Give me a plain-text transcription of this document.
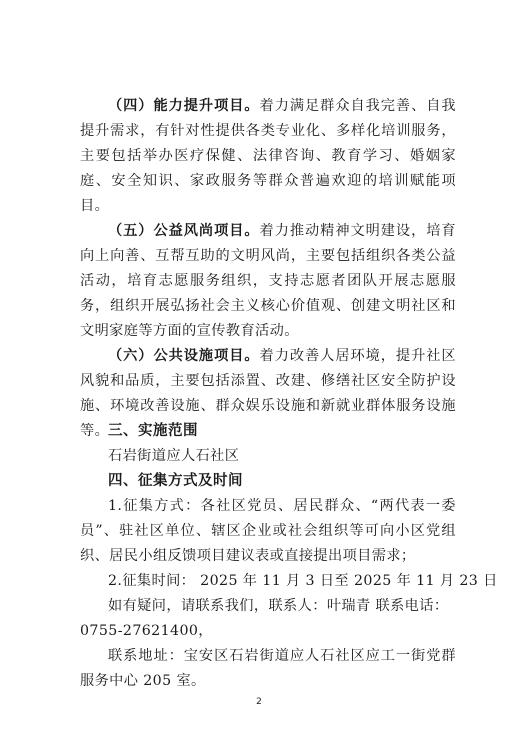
（四）能力提升项目。着力满足群众自我完善、自我提升需求，有针对性提供各类专业化、多样化培训服务，主要包括举办医疗保健、法律咨询、教育学习、婚姻家庭、安全知识、家政服务等群众普遍欢迎的培训赋能项目。

（五）公益风尚项目。着力推动精神文明建设，培育向上向善、互帮互助的文明风尚，主要包括组织各类公益活动，培育志愿服务组织，支持志愿者团队开展志愿服务，组织开展弘扬社会主义核心价值观、创建文明社区和文明家庭等方面的宣传教育活动。

（六）公共设施项目。着力改善人居环境，提升社区风貌和品质，主要包括添置、改建、修缮社区安全防护设施、环境改善设施、群众娱乐设施和新就业群体服务设施等。

三、实施范围

石岩街道应人石社区

四、征集方式及时间

1.征集方式：各社区党员、居民群众、“两代表一委员”、驻社区单位、辖区企业或社会组织等可向小区党组织、居民小组反馈项目建议表或直接提出项目需求；

2.征集时间： 2025 年 11 月 3 日至 2025 年 11 月 23 日

如有疑问，请联系我们，联系人：叶瑞青 联系电话：

0755-27621400，

联系地址：宝安区石岩街道应人石社区应工一街党群服务中心 205 室。

2
